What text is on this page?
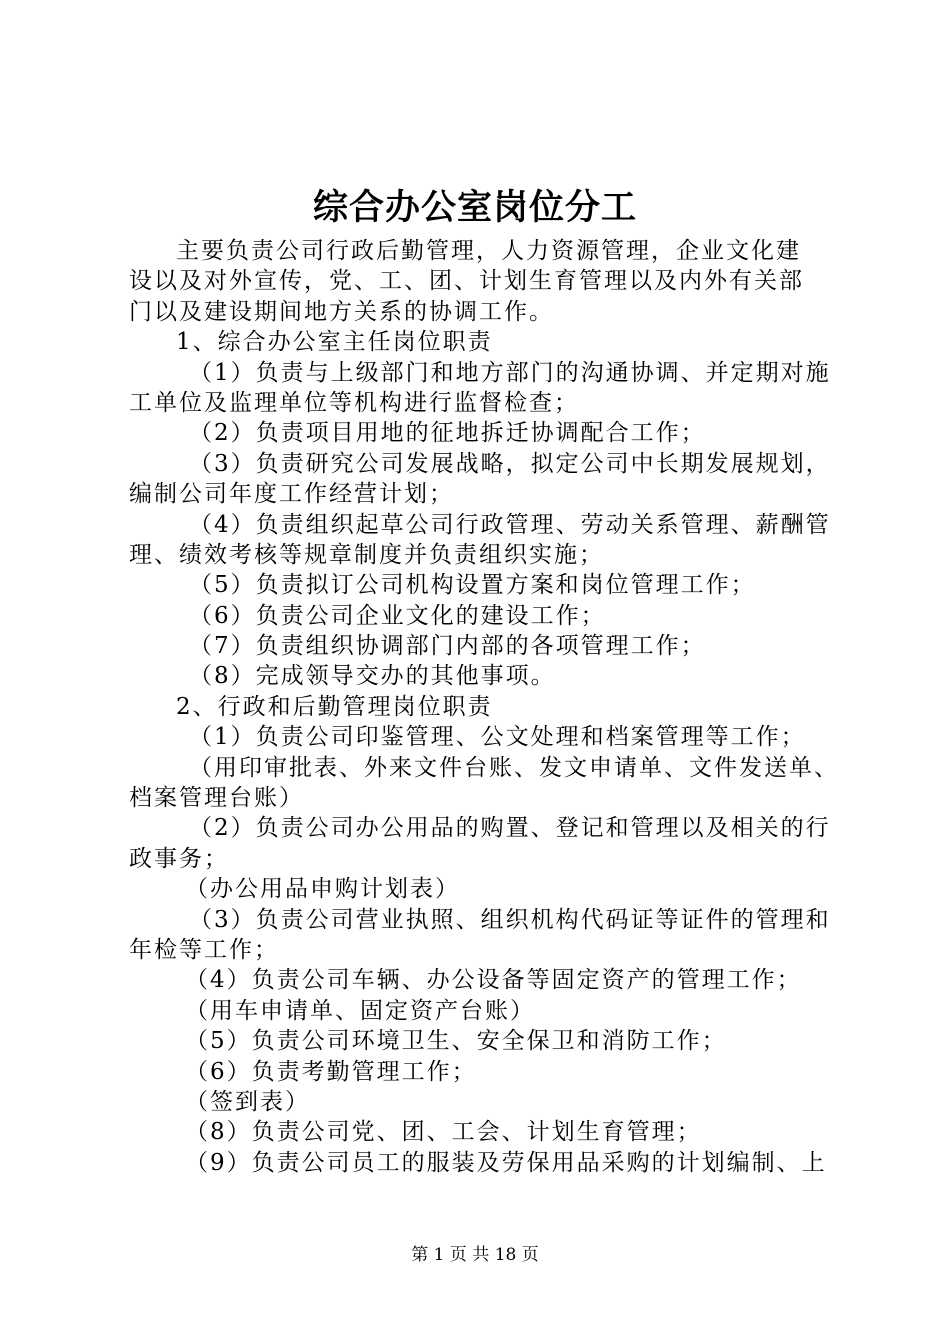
综合办公室岗位分工
主要负责公司行政后勤管理，人力资源管理，企业文化建
设以及对外宣传，党、工、团、计划生育管理以及内外有关部
门以及建设期间地方关系的协调工作。
1、综合办公室主任岗位职责
（1）负责与上级部门和地方部门的沟通协调、并定期对施
工单位及监理单位等机构进行监督检查；
（2）负责项目用地的征地拆迁协调配合工作；
（3）负责研究公司发展战略，拟定公司中长期发展规划，
编制公司年度工作经营计划；
（4）负责组织起草公司行政管理、劳动关系管理、薪酬管
理、绩效考核等规章制度并负责组织实施；
（5）负责拟订公司机构设置方案和岗位管理工作；
（6）负责公司企业文化的建设工作；
（7）负责组织协调部门内部的各项管理工作；
（8）完成领导交办的其他事项。
2、行政和后勤管理岗位职责
（1）负责公司印鉴管理、公文处理和档案管理等工作；
（用印审批表、外来文件台账、发文申请单、文件发送单、
档案管理台账）
（2）负责公司办公用品的购置、登记和管理以及相关的行
政事务；
（办公用品申购计划表）
（3）负责公司营业执照、组织机构代码证等证件的管理和
年检等工作；
（4）负责公司车辆、办公设备等固定资产的管理工作；
（用车申请单、固定资产台账）
（5）负责公司环境卫生、安全保卫和消防工作；
（6）负责考勤管理工作；
（签到表）
（8）负责公司党、团、工会、计划生育管理；
（9）负责公司员工的服装及劳保用品采购的计划编制、上
第 1 页 共 18 页
